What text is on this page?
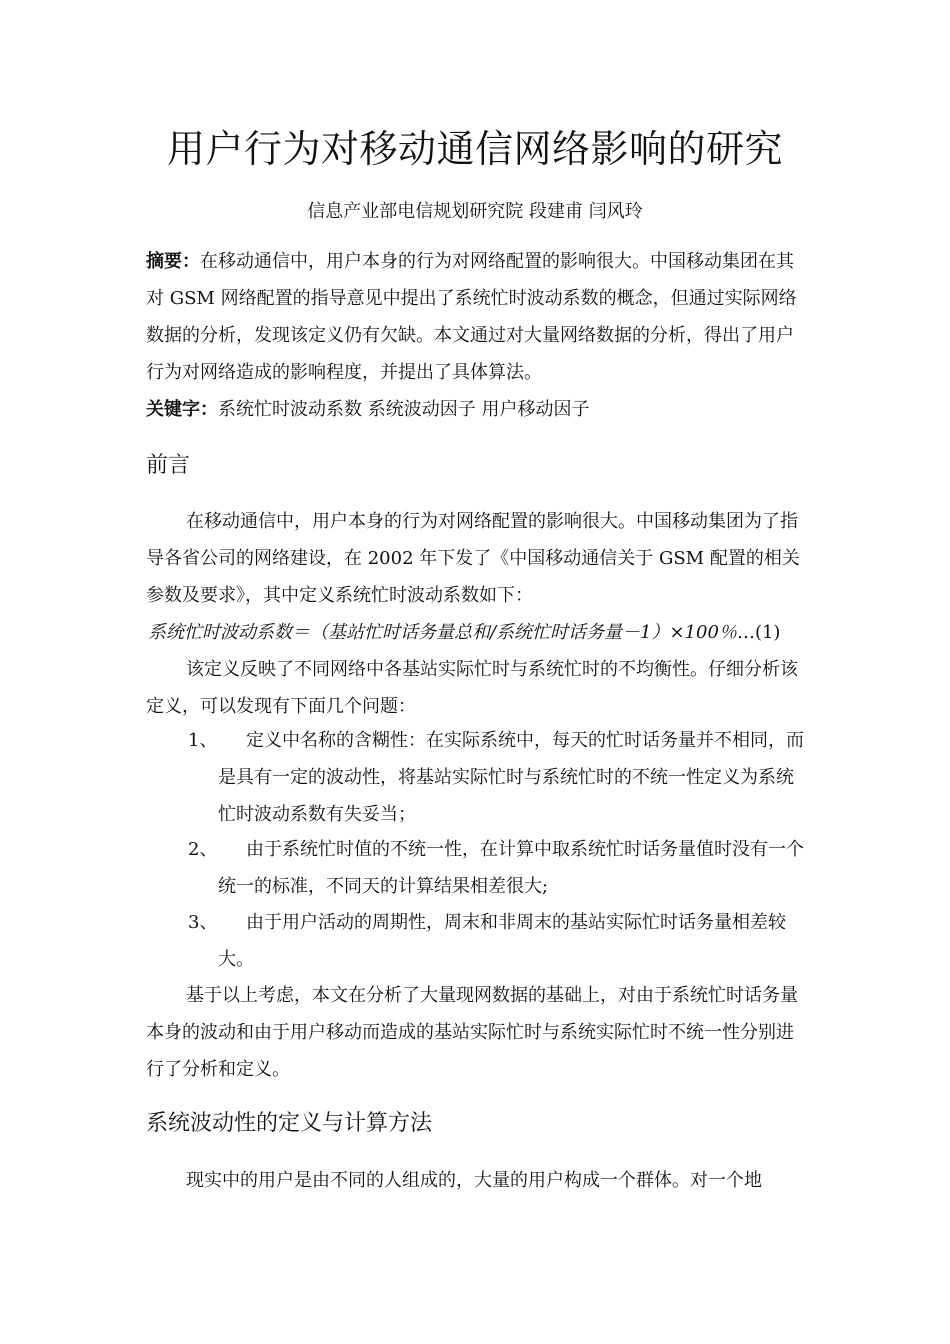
用户行为对移动通信网络影响的研究
信息产业部电信规划研究院 段建甫 闫风玲
摘要：在移动通信中，用户本身的行为对网络配置的影响很大。中国移动集团在其对 GSM 网络配置的指导意见中提出了系统忙时波动系数的概念，但通过实际网络数据的分析，发现该定义仍有欠缺。本文通过对大量网络数据的分析，得出了用户行为对网络造成的影响程度，并提出了具体算法。
关键字：系统忙时波动系数 系统波动因子 用户移动因子
前言
在移动通信中，用户本身的行为对网络配置的影响很大。中国移动集团为了指导各省公司的网络建设，在 2002 年下发了《中国移动通信关于 GSM 配置的相关参数及要求》，其中定义系统忙时波动系数如下：
系统忙时波动系数＝（基站忙时话务量总和/系统忙时话务量－1）×100％…(1)
该定义反映了不同网络中各基站实际忙时与系统忙时的不均衡性。仔细分析该定义，可以发现有下面几个问题：
1、	定义中名称的含糊性：在实际系统中，每天的忙时话务量并不相同，而是具有一定的波动性，将基站实际忙时与系统忙时的不统一性定义为系统忙时波动系数有失妥当；
2、	由于系统忙时值的不统一性，在计算中取系统忙时话务量值时没有一个统一的标准，不同天的计算结果相差很大;
3、	由于用户活动的周期性，周末和非周末的基站实际忙时话务量相差较大。
基于以上考虑，本文在分析了大量现网数据的基础上，对由于系统忙时话务量本身的波动和由于用户移动而造成的基站实际忙时与系统实际忙时不统一性分别进行了分析和定义。
系统波动性的定义与计算方法
现实中的用户是由不同的人组成的，大量的用户构成一个群体。对一个地
